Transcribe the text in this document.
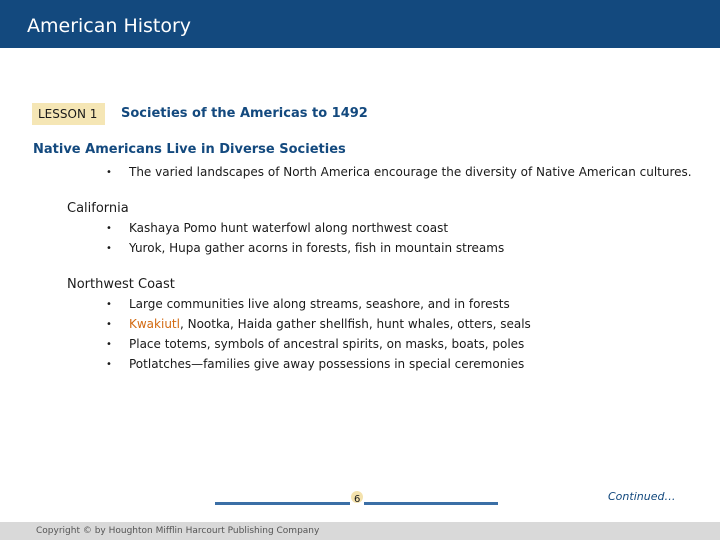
American History
LESSON 1 Societies of the Americas to 1492
Native Americans Live in Diverse Societies
• The varied landscapes of North America encourage the diversity of Native American cultures.
California
• Kashaya Pomo hunt waterfowl along northwest coast
• Yurok, Hupa gather acorns in forests, fish in mountain streams
Northwest Coast
• Large communities live along streams, seashore, and in forests
• Kwakiutl, Nootka, Haida gather shellfish, hunt whales, otters, seals
• Place totems, symbols of ancestral spirits, on masks, boats, poles
• Potlatches—families give away possessions in special ceremonies
6	Continued…
Copyright © by Houghton Mifflin Harcourt Publishing Company
